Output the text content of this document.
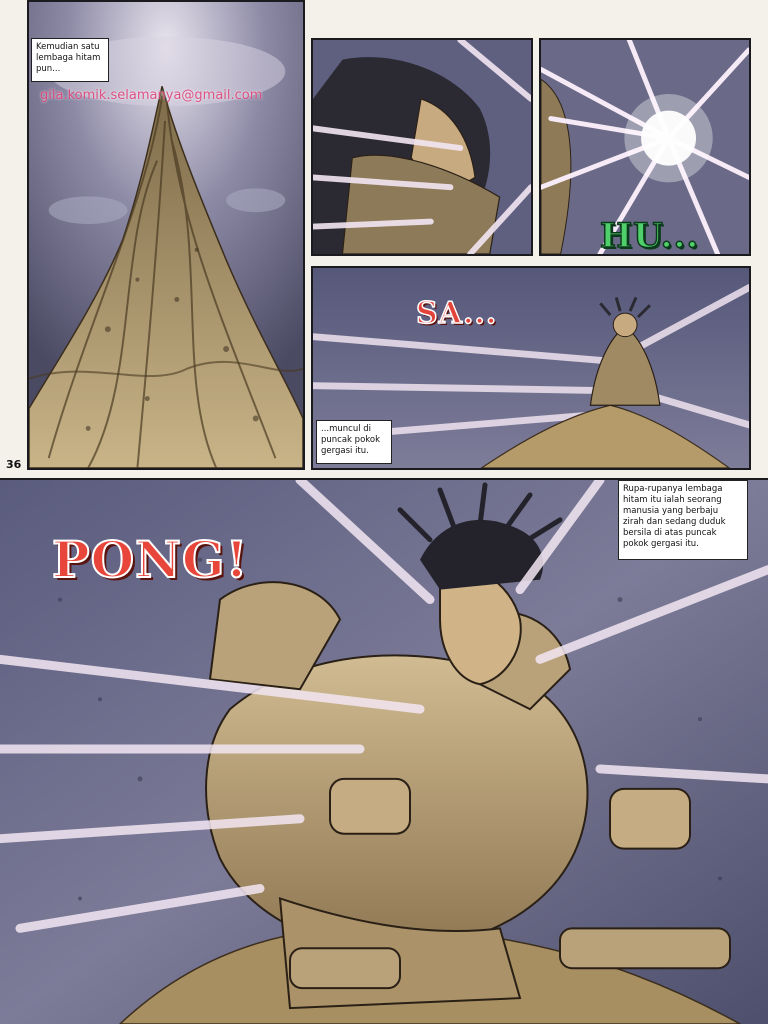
Kemudian satu
lembaga hitam
pun...
gila.komik.selamanya@gmail.com
36
HU...
SA...
...muncul di
puncak pokok
gergasi itu.
PONG!
Rupa-rupanya lembaga
hitam itu ialah seorang
manusia yang berbaju
zirah dan sedang duduk
bersila di atas puncak
pokok gergasi itu.
